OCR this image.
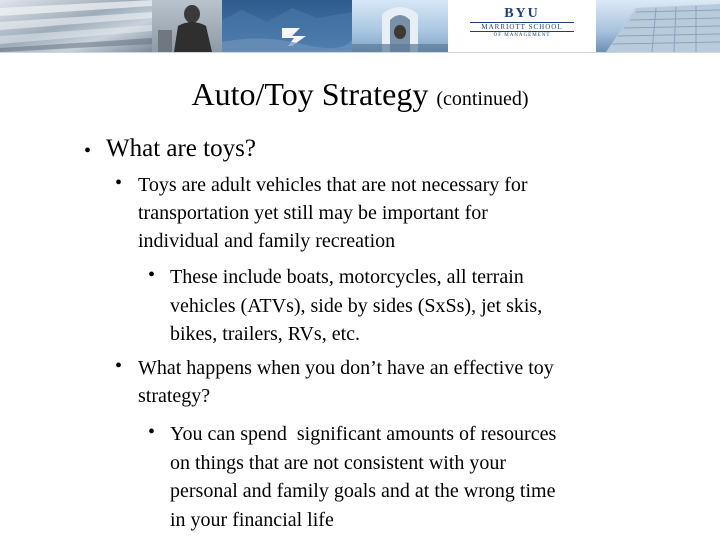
BYU
MARRIOTT SCHOOL
OF MANAGEMENT
Auto/Toy Strategy (continued)
• What are toys?
• Toys are adult vehicles that are not necessary for
transportation yet still may be important for
individual and family recreation
• These include boats, motorcycles, all terrain
vehicles (ATVs), side by sides (SxSs), jet skis,
bikes, trailers, RVs, etc.
• What happens when you don’t have an effective toy
strategy?
• You can spend  significant amounts of resources
on things that are not consistent with your
personal and family goals and at the wrong time
in your financial life
